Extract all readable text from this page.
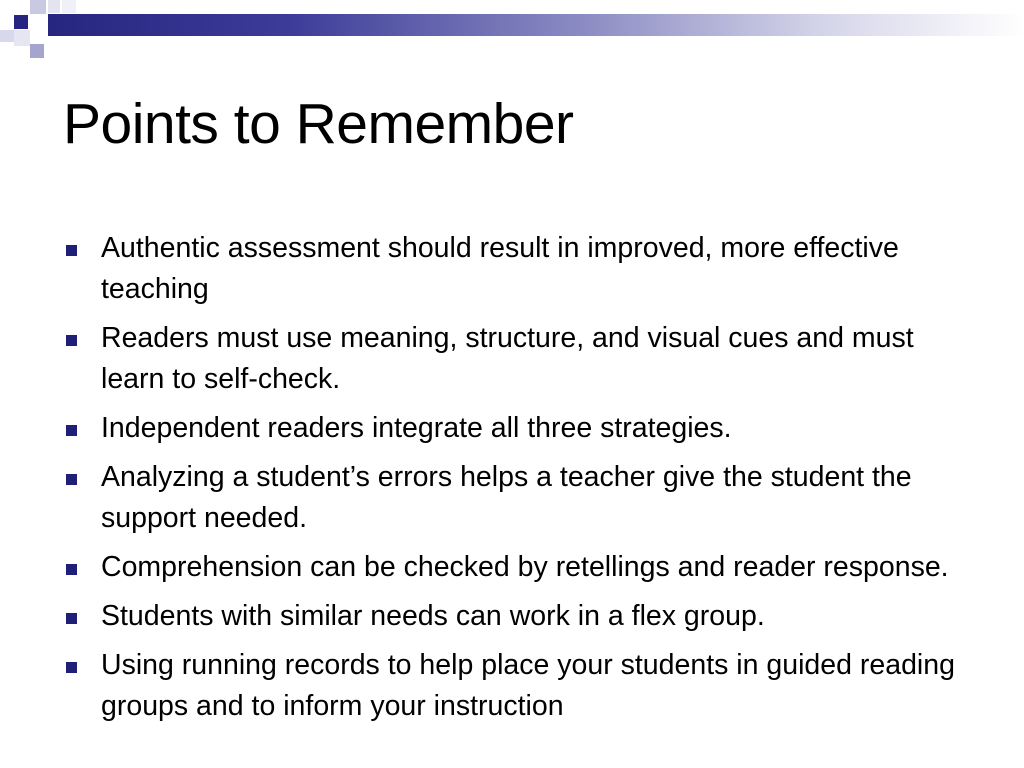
Points to Remember
Authentic assessment should result in improved, more effective teaching
Readers must use meaning, structure, and visual cues and must learn to self-check.
Independent readers integrate all three strategies.
Analyzing a student’s errors helps a teacher give the student the support needed.
Comprehension can be checked by retellings and reader response.
Students with similar needs can work in a flex group.
Using running records to help place your students in guided reading groups and to inform your instruction
